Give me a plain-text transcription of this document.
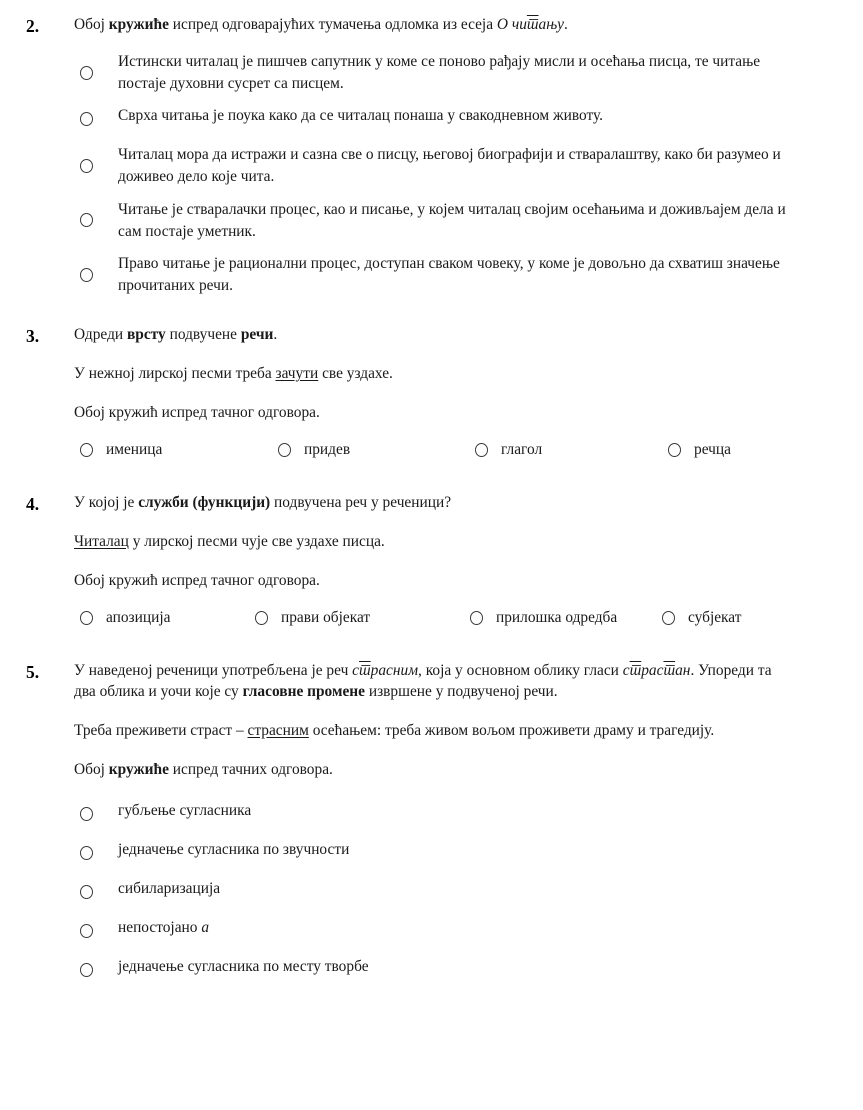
2.	Обој кружиће испред одговарајућих тумачења одломка из есеја О читању.
Истински читалац је пишчев сапутник у коме се поново рађају мисли и осећања писца, те читање постаје духовни сусрет са писцем.
Сврха читања је поука како да се читалац понаша у свакодневном животу.
Читалац мора да истражи и сазна све о писцу, његовој биографији и стваралаштву, како би разумео и доживео дело које чита.
Читање је стваралачки процес, као и писање, у којем читалац својим осећањима и доживљајем дела и сам постаје уметник.
Право читање је рационални процес, доступан сваком човеку, у коме је довољно да схватиш значење прочитаних речи.
3.	Одреди врсту подвучене речи.
У нежној лирској песми треба зачути све уздахе.
Обој кружић испред тачног одговора.
именица	придев	глагол	речца
4.	У којој је служби (функцији) подвучена реч у реченици?
Читалац у лирској песми чује све уздахе писца.
Обој кружић испред тачног одговора.
апозиција	прави објекат	прилошка одредба	субјекат
5.	У наведеној реченици употребљена је реч страсним, која у основном облику гласи страстан. Упореди та два облика и уочи које су гласовне промене извршене у подвученој речи.
Треба преживети страст – страсним осећањем: треба живом вољом проживети драму и трагедију.
Обој кружиће испред тачних одговора.
губљење сугласника
једначење сугласника по звучности
сибиларизација
непостојано а
једначење сугласника по месту творбе
